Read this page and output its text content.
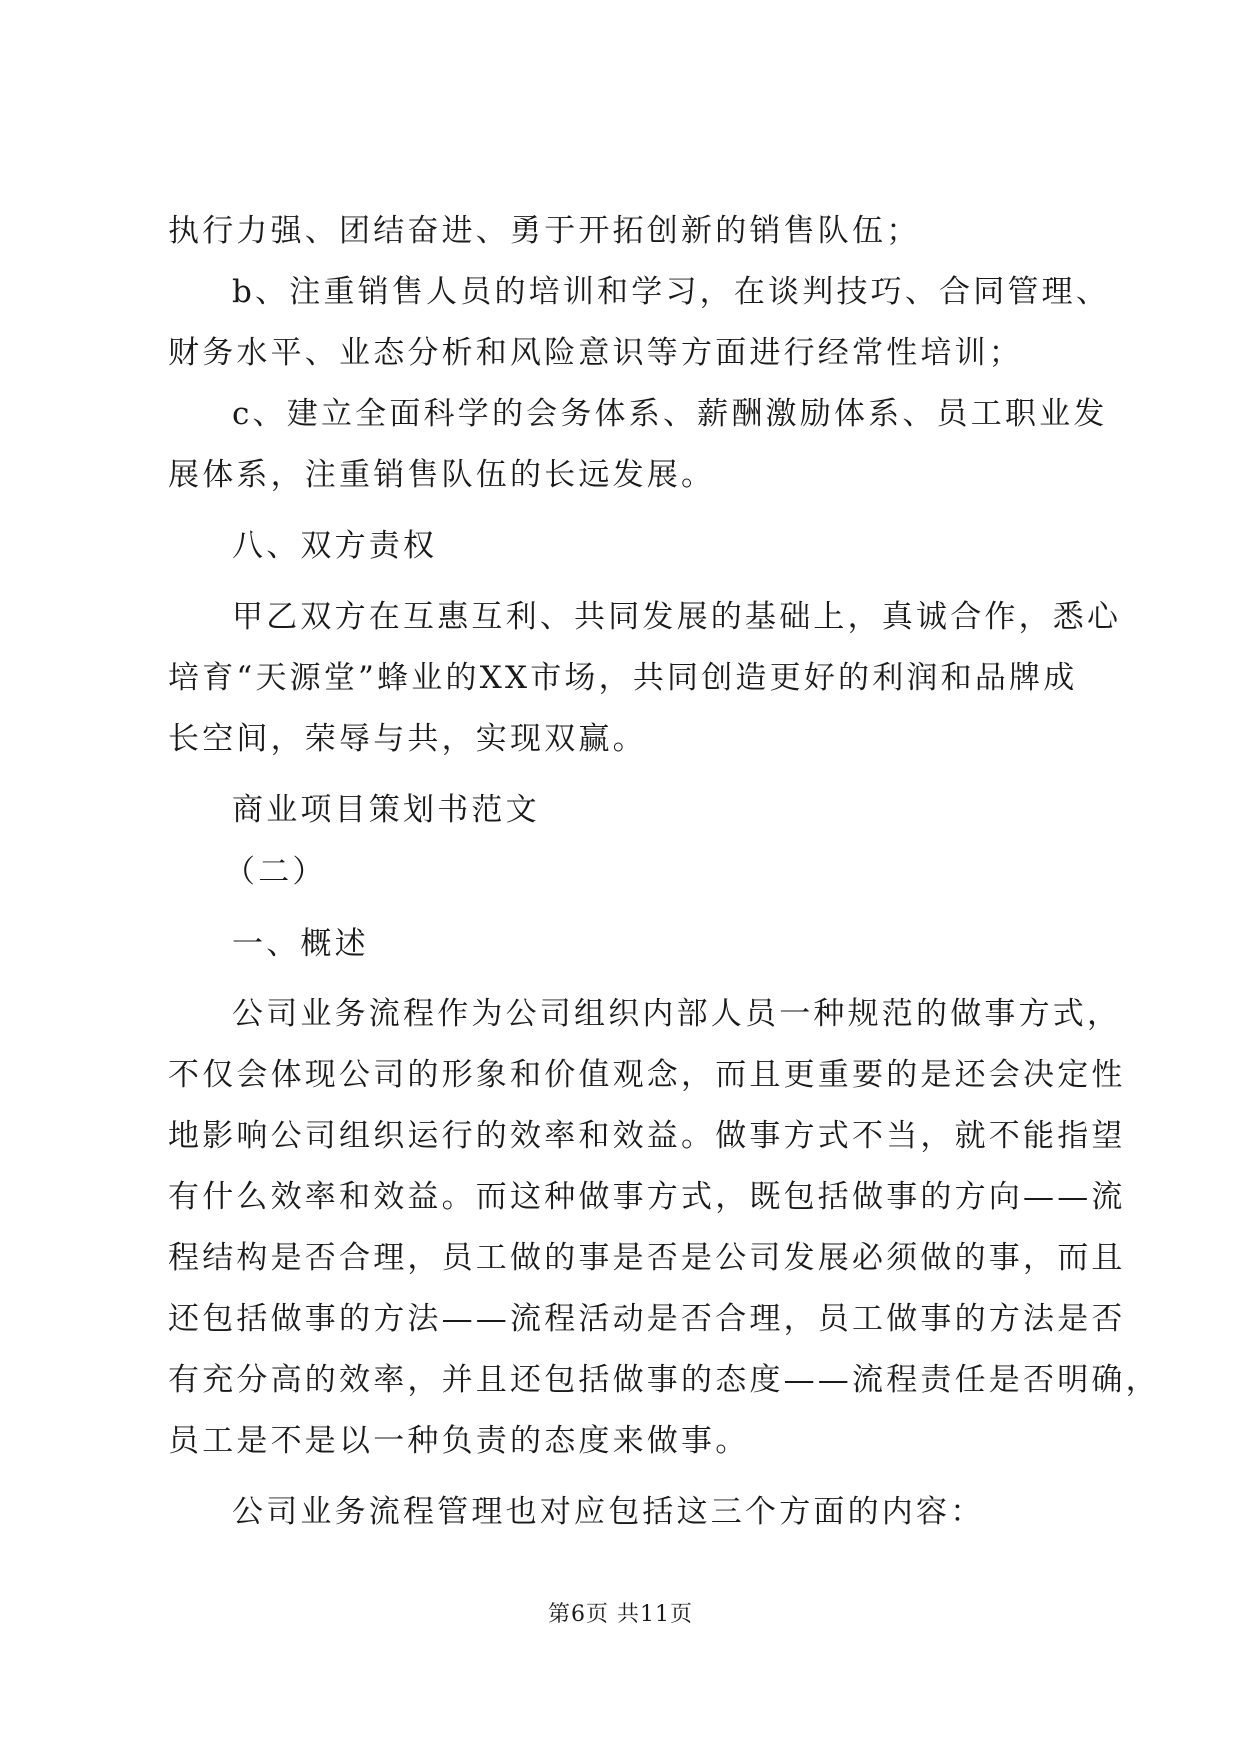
执行力强、团结奋进、勇于开拓创新的销售队伍；
b、注重销售人员的培训和学习，在谈判技巧、合同管理、
财务水平、业态分析和风险意识等方面进行经常性培训；
c、建立全面科学的会务体系、薪酬激励体系、员工职业发
展体系，注重销售队伍的长远发展。
八、双方责权
甲乙双方在互惠互利、共同发展的基础上，真诚合作，悉心
培育“天源堂”蜂业的XX市场，共同创造更好的利润和品牌成
长空间，荣辱与共，实现双赢。
商业项目策划书范文
（二）
一、概述
公司业务流程作为公司组织内部人员一种规范的做事方式，
不仅会体现公司的形象和价值观念，而且更重要的是还会决定性
地影响公司组织运行的效率和效益。做事方式不当，就不能指望
有什么效率和效益。而这种做事方式，既包括做事的方向——流
程结构是否合理，员工做的事是否是公司发展必须做的事，而且
还包括做事的方法——流程活动是否合理，员工做事的方法是否
有充分高的效率，并且还包括做事的态度——流程责任是否明确，
员工是不是以一种负责的态度来做事。
公司业务流程管理也对应包括这三个方面的内容：
第6页 共11页
